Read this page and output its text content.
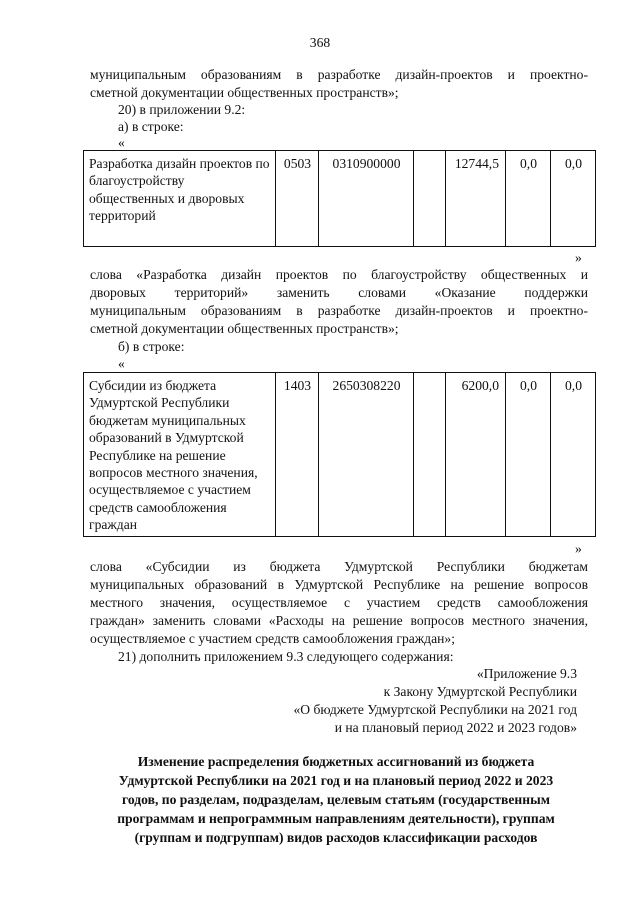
368
муниципальным образованиям в разработке дизайн-проектов и проектно-
сметной документации общественных пространств»;
20) в приложении 9.2:
а) в строке:
«
Разработка дизайн проектов по благоустройству общественных и дворовых территорий	0503	0310900000		12744,5	0,0	0,0
»
слова «Разработка дизайн проектов по благоустройству общественных и
дворовых территорий» заменить словами «Оказание поддержки
муниципальным образованиям в разработке дизайн-проектов и проектно-
сметной документации общественных пространств»;
б) в строке:
«
Субсидии из бюджета Удмуртской Республики бюджетам муниципальных образований в Удмуртской Республике на решение вопросов местного значения, осуществляемое с участием средств самообложения граждан	1403	2650308220		6200,0	0,0	0,0
»
слова «Субсидии из бюджета Удмуртской Республики бюджетам
муниципальных образований в Удмуртской Республике на решение вопросов
местного значения, осуществляемое с участием средств самообложения
граждан» заменить словами «Расходы на решение вопросов местного значения,
осуществляемое с участием средств самообложения граждан»;
21) дополнить приложением 9.3 следующего содержания:
«Приложение 9.3
к Закону Удмуртской Республики
«О бюджете Удмуртской Республики на 2021 год
и на плановый период 2022 и 2023 годов»
Изменение распределения бюджетных ассигнований из бюджета
Удмуртской Республики на 2021 год и на плановый период 2022 и 2023
годов, по разделам, подразделам, целевым статьям (государственным
программам и непрограммным направлениям деятельности), группам
(группам и подгруппам) видов расходов классификации расходов
